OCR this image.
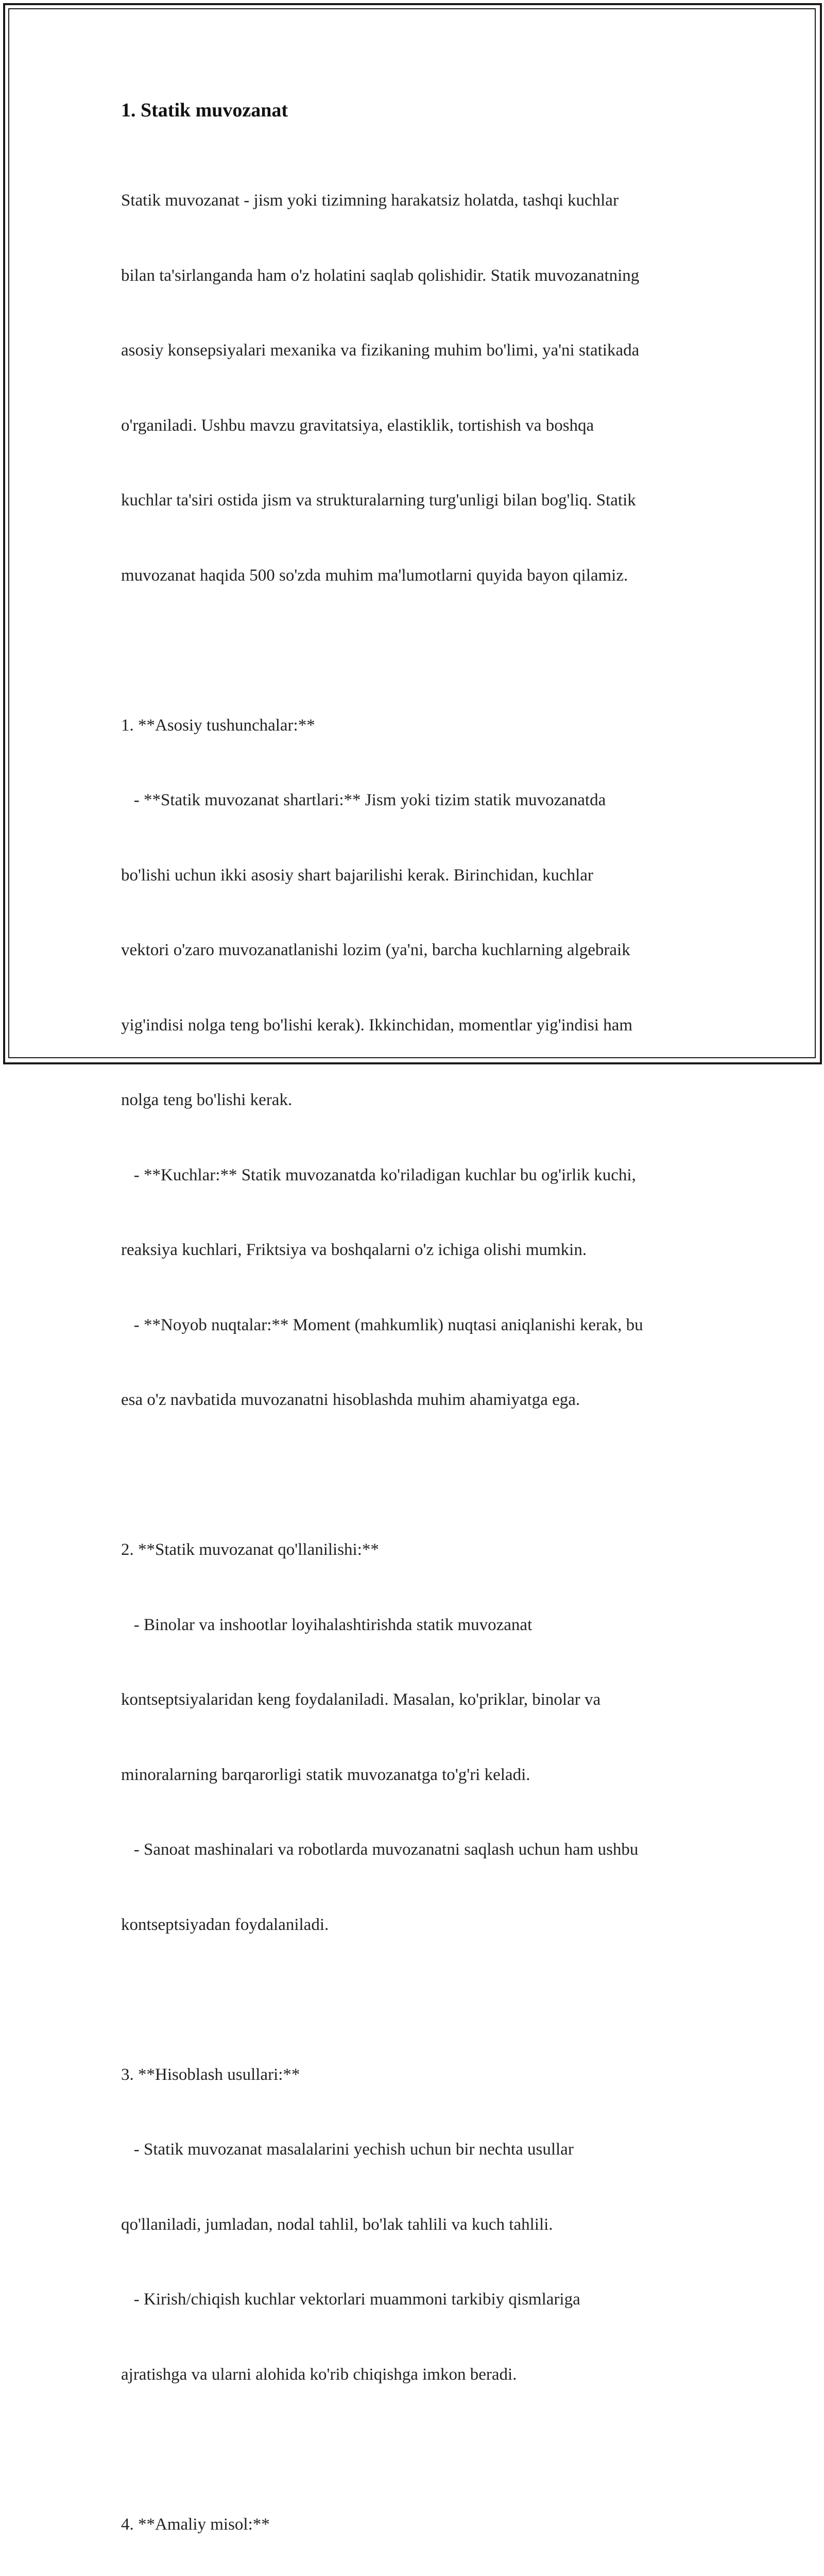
1. Statik muvozanat

Statik muvozanat - jism yoki tizimning harakatsiz holatda, tashqi kuchlar

bilan ta'sirlanganda ham o'z holatini saqlab qolishidir. Statik muvozanatning

asosiy konsepsiyalari mexanika va fizikaning muhim bo'limi, ya'ni statikada

o'rganiladi. Ushbu mavzu gravitatsiya, elastiklik, tortishish va boshqa

kuchlar ta'siri ostida jism va strukturalarning turg'unligi bilan bog'liq. Statik

muvozanat haqida 500 so'zda muhim ma'lumotlarni quyida bayon qilamiz.

1. **Asosiy tushunchalar:**

- **Statik muvozanat shartlari:** Jism yoki tizim statik muvozanatda

bo'lishi uchun ikki asosiy shart bajarilishi kerak. Birinchidan, kuchlar

vektori o'zaro muvozanatlanishi lozim (ya'ni, barcha kuchlarning algebraik

yig'indisi nolga teng bo'lishi kerak). Ikkinchidan, momentlar yig'indisi ham

nolga teng bo'lishi kerak.

- **Kuchlar:** Statik muvozanatda ko'riladigan kuchlar bu og'irlik kuchi,

reaksiya kuchlari, Friktsiya va boshqalarni o'z ichiga olishi mumkin.

- **Noyob nuqtalar:** Moment (mahkumlik) nuqtasi aniqlanishi kerak, bu

esa o'z navbatida muvozanatni hisoblashda muhim ahamiyatga ega.

2. **Statik muvozanat qo'llanilishi:**

- Binolar va inshootlar loyihalashtirishda statik muvozanat

kontseptsiyalaridan keng foydalaniladi. Masalan, ko'priklar, binolar va

minoralarning barqarorligi statik muvozanatga to'g'ri keladi.

- Sanoat mashinalari va robotlarda muvozanatni saqlash uchun ham ushbu

kontseptsiyadan foydalaniladi.

3. **Hisoblash usullari:**

- Statik muvozanat masalalarini yechish uchun bir nechta usullar

qo'llaniladi, jumladan, nodal tahlil, bo'lak tahlili va kuch tahlili.

- Kirish/chiqish kuchlar vektorlari muammoni tarkibiy qismlariga

ajratishga va ularni alohida ko'rib chiqishga imkon beradi.

4. **Amaliy misol:**
